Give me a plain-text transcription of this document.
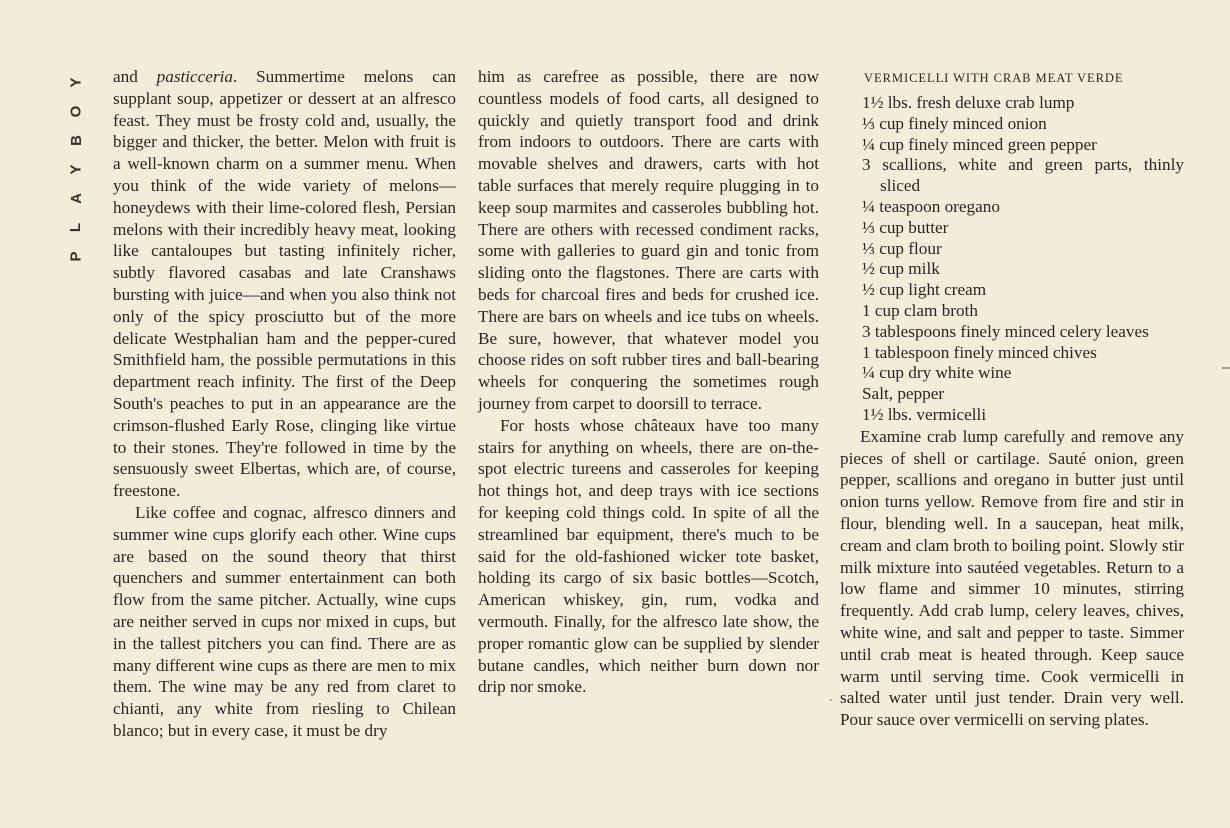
Y
O
B
Y
A
L
P

and pasticceria. Summertime melons can supplant soup, appetizer or dessert at an alfresco feast. They must be frosty cold and, usually, the bigger and thicker, the better. Melon with fruit is a well-known charm on a summer menu. When you think of the wide variety of melons—honeydews with their lime-colored flesh, Persian melons with their incredibly heavy meat, looking like cantaloupes but tasting infinitely richer, subtly flavored casabas and late Cranshaws bursting with juice—and when you also think not only of the spicy prosciutto but of the more delicate Westphalian ham and the pepper-cured Smithfield ham, the possible permutations in this department reach infinity. The first of the Deep South's peaches to put in an appearance are the crimson-flushed Early Rose, clinging like virtue to their stones. They're followed in time by the sensuously sweet Elbertas, which are, of course, freestone.

Like coffee and cognac, alfresco dinners and summer wine cups glorify each other. Wine cups are based on the sound theory that thirst quenchers and summer entertainment can both flow from the same pitcher. Actually, wine cups are neither served in cups nor mixed in cups, but in the tallest pitchers you can find. There are as many different wine cups as there are men to mix them. The wine may be any red from claret to chianti, any white from riesling to Chilean blanco; but in every case, it must be dry

him as carefree as possible, there are now countless models of food carts, all designed to quickly and quietly transport food and drink from indoors to outdoors. There are carts with movable shelves and drawers, carts with hot table surfaces that merely require plugging in to keep soup marmites and casseroles bubbling hot. There are others with recessed condiment racks, some with galleries to guard gin and tonic from sliding onto the flagstones. There are carts with beds for charcoal fires and beds for crushed ice. There are bars on wheels and ice tubs on wheels. Be sure, however, that whatever model you choose rides on soft rubber tires and ball-bearing wheels for conquering the sometimes rough journey from carpet to doorsill to terrace.

For hosts whose châteaux have too many stairs for anything on wheels, there are on-the-spot electric tureens and casseroles for keeping hot things hot, and deep trays with ice sections for keeping cold things cold. In spite of all the streamlined bar equipment, there's much to be said for the old-fashioned wicker tote basket, holding its cargo of six basic bottles—Scotch, American whiskey, gin, rum, vodka and vermouth. Finally, for the alfresco late show, the proper romantic glow can be supplied by slender butane candles, which neither burn down nor drip nor smoke.

VERMICELLI WITH CRAB MEAT VERDE
1½ lbs. fresh deluxe crab lump
⅓ cup finely minced onion
¼ cup finely minced green pepper
3 scallions, white and green parts, thinly sliced
¼ teaspoon oregano
⅓ cup butter
⅓ cup flour
½ cup milk
½ cup light cream
1 cup clam broth
3 tablespoons finely minced celery leaves
1 tablespoon finely minced chives
¼ cup dry white wine
Salt, pepper
1½ lbs. vermicelli

Examine crab lump carefully and remove any pieces of shell or cartilage. Sauté onion, green pepper, scallions and oregano in butter just until onion turns yellow. Remove from fire and stir in flour, blending well. In a saucepan, heat milk, cream and clam broth to boiling point. Slowly stir milk mixture into sautéed vegetables. Return to a low flame and simmer 10 minutes, stirring frequently. Add crab lump, celery leaves, chives, white wine, and salt and pepper to taste. Simmer until crab meat is heated through. Keep sauce warm until serving time. Cook vermicelli in salted water until just tender. Drain very well. Pour sauce over vermicelli on serving plates.

.
